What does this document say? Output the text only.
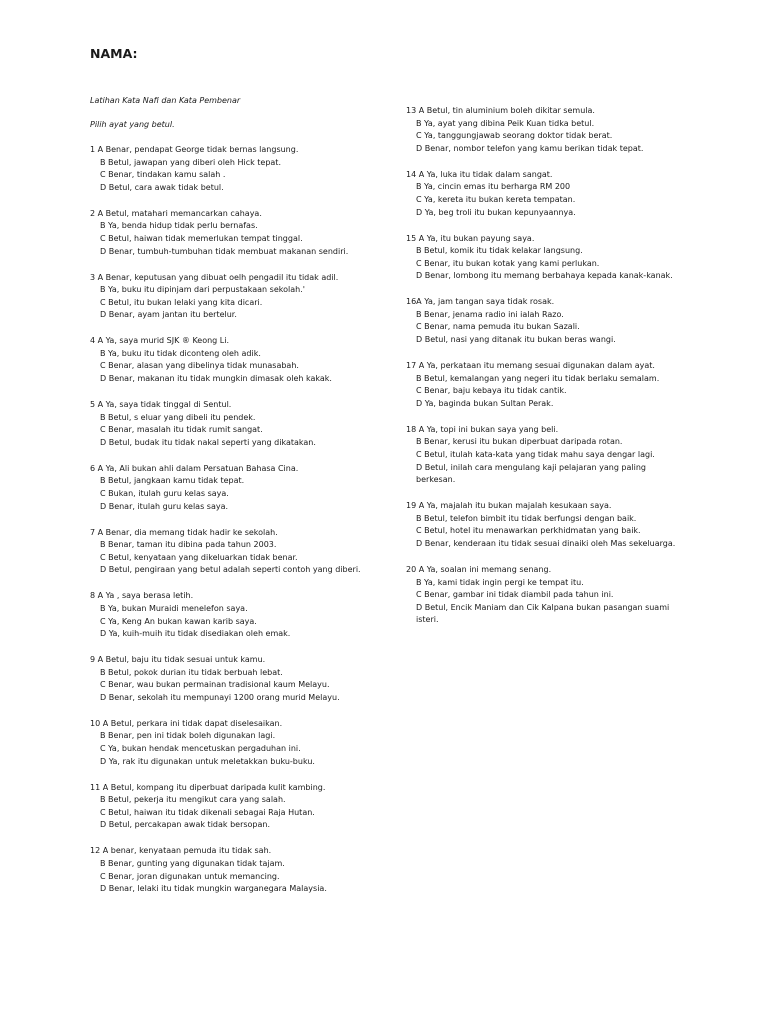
NAMA:
Latihan Kata Nafi dan Kata Pembenar
Pilih ayat yang betul.
1 A Benar, pendapat George tidak bernas langsung.
B Betul, jawapan yang diberi oleh Hick tepat.
C Benar, tindakan kamu salah .
D Betul, cara awak tidak betul.
2 A Betul, matahari memancarkan cahaya.
B Ya, benda hidup tidak perlu bernafas.
C Betul, haiwan tidak memerlukan tempat tinggal.
D Benar, tumbuh-tumbuhan tidak membuat makanan sendiri.
3 A Benar, keputusan yang dibuat oelh pengadil itu tidak adil.
B Ya, buku itu dipinjam dari perpustakaan sekolah.'
C Betul, itu bukan lelaki yang kita dicari.
D Benar, ayam jantan itu bertelur.
4 A Ya, saya murid SJK ® Keong Li.
B Ya, buku itu tidak diconteng oleh adik.
C Benar, alasan yang dibelinya tidak munasabah.
D Benar, makanan itu tidak mungkin dimasak oleh kakak.
5 A Ya, saya tidak tinggal di Sentul.
B Betul, s eluar yang dibeli itu pendek.
C Benar, masalah itu tidak rumit sangat.
D Betul, budak itu tidak nakal seperti yang dikatakan.
6 A Ya, Ali bukan ahli dalam Persatuan Bahasa Cina.
B Betul, jangkaan kamu tidak tepat.
C Bukan, itulah guru kelas saya.
D Benar, itulah guru kelas saya.
7 A Benar, dia memang tidak hadir ke sekolah.
B Benar, taman itu dibina pada tahun 2003.
C Betul, kenyataan yang dikeluarkan tidak benar.
D Betul, pengiraan yang betul adalah seperti contoh yang diberi.
8 A Ya , saya berasa letih.
B Ya, bukan Muraidi menelefon saya.
C Ya, Keng An bukan kawan karib saya.
D Ya, kuih-muih itu tidak disediakan oleh emak.
9 A Betul, baju itu tidak sesuai untuk kamu.
B Betul, pokok durian itu tidak berbuah lebat.
C Benar, wau bukan permainan tradisional kaum Melayu.
D Benar, sekolah itu mempunayi 1200 orang murid Melayu.
10 A Betul, perkara ini tidak dapat diselesaikan.
B Benar, pen ini tidak boleh digunakan lagi.
C Ya, bukan hendak mencetuskan pergaduhan ini.
D Ya, rak itu digunakan untuk meletakkan buku-buku.
11 A Betul, kompang itu diperbuat daripada kulit kambing.
B Betul, pekerja itu mengikut cara yang salah.
C Betul, haiwan itu tidak dikenali sebagai Raja Hutan.
D Betul, percakapan awak tidak bersopan.
12 A benar, kenyataan pemuda itu tidak sah.
B Benar, gunting yang digunakan tidak tajam.
C Benar, joran digunakan untuk memancing.
D Benar, lelaki itu tidak mungkin warganegara Malaysia.
13 A Betul, tin aluminium boleh dikitar semula.
B Ya, ayat yang dibina Peik Kuan tidka betul.
C Ya, tanggungjawab seorang doktor tidak berat.
D Benar, nombor telefon yang kamu berikan tidak tepat.
14 A Ya, luka itu tidak dalam sangat.
B Ya, cincin emas itu berharga RM 200
C Ya, kereta itu bukan kereta tempatan.
D Ya, beg troli itu bukan kepunyaannya.
15 A Ya, itu bukan payung saya.
B Betul, komik itu tidak kelakar langsung.
C Benar, itu bukan kotak yang kami perlukan.
D Benar, lombong itu memang berbahaya kepada kanak-kanak.
16A Ya, jam tangan saya tidak rosak.
B Benar, jenama radio ini ialah Razo.
C Benar, nama pemuda itu bukan Sazali.
D Betul, nasi yang ditanak itu bukan beras wangi.
17 A Ya, perkataan itu memang sesuai digunakan dalam ayat.
B Betul, kemalangan yang negeri itu tidak berlaku semalam.
C Benar, baju kebaya itu tidak cantik.
D Ya, baginda bukan Sultan Perak.
18 A Ya, topi ini bukan saya yang beli.
B Benar, kerusi itu bukan diperbuat daripada rotan.
C Betul, itulah kata-kata yang tidak mahu saya dengar lagi.
D Betul, inilah cara mengulang kaji pelajaran yang paling berkesan.
19 A Ya, majalah itu bukan majalah kesukaan saya.
B Betul, telefon bimbit itu tidak berfungsi dengan baik.
C Betul, hotel itu menawarkan perkhidmatan yang baik.
D Benar, kenderaan itu tidak sesuai dinaiki oleh Mas sekeluarga.
20 A Ya, soalan ini memang senang.
B Ya, kami tidak ingin pergi ke tempat itu.
C Benar, gambar ini tidak diambil pada tahun ini.
D Betul, Encik Maniam dan Cik Kalpana bukan pasangan suami isteri.
